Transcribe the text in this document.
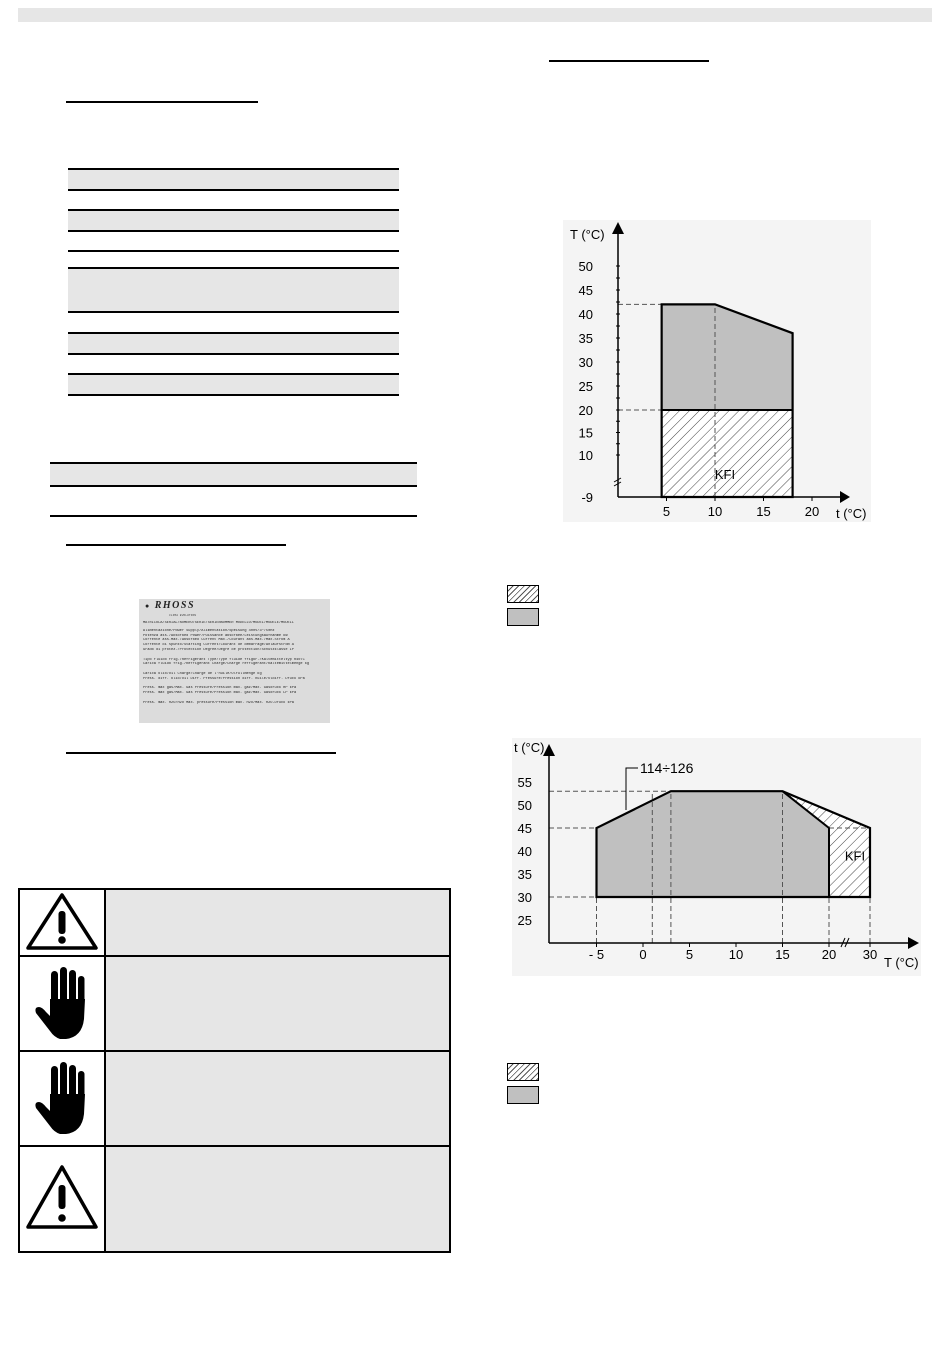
● RHOSS
CLIMA EVOLUTION
MATRICOLA/SERIAL/NUMERO/SERIE/SERIENNUMMER MODELLO/MODEL/MODELE/MODELL
Alimentazione/Power Supply/Alimentation/Speisung 400V/3~/50Hz
Potenza ass./Absorbed Power/Puissance absorbee/Leistungsaufnahme kW
Corrente ass.Max./Absorbed Current Max./Courant abs.Max./Max.Strom A
Corrente di spunto/Starting Current/Courant de demarrage/Anlaufstrom A
Grado di protez./Protection Degree/Degre de protection/Schutzklasse IP
Tipo fluido frig./Refrigerant Type/Type fluide frigor./Kaltemitteltyp R407C
Carica fluido frig./Refrigerant Charge/Charge refrigerant/Kaltemittelmenge kg
Carica olio/Oil Charge/Charge de l'huile/Olfullmenge kg
Press. diff. olio/Oil Diff. Pressure/Pression diff. huile/Oldiff. Druck kPa
Press. max gas/Max. Gas Pressure/Pression max. gaz/Max. Gasdruck HP kPa
Press. max gas/Max. Gas Pressure/Pression max. gaz/Max. Gasdruck LP kPa
Press. max. H2O/H2O Max. pressure/Pression max. H2O/Max. H2O-Druck kPa
-9
10
15
20
25
30
35
40
45
50
5	10	15	20
T (°C)
t (°C)
KFI
25
30
35
40
45
50
55
- 5	0	5	10 15 20 30
t (°C)
T (°C)
KFI
114÷126
